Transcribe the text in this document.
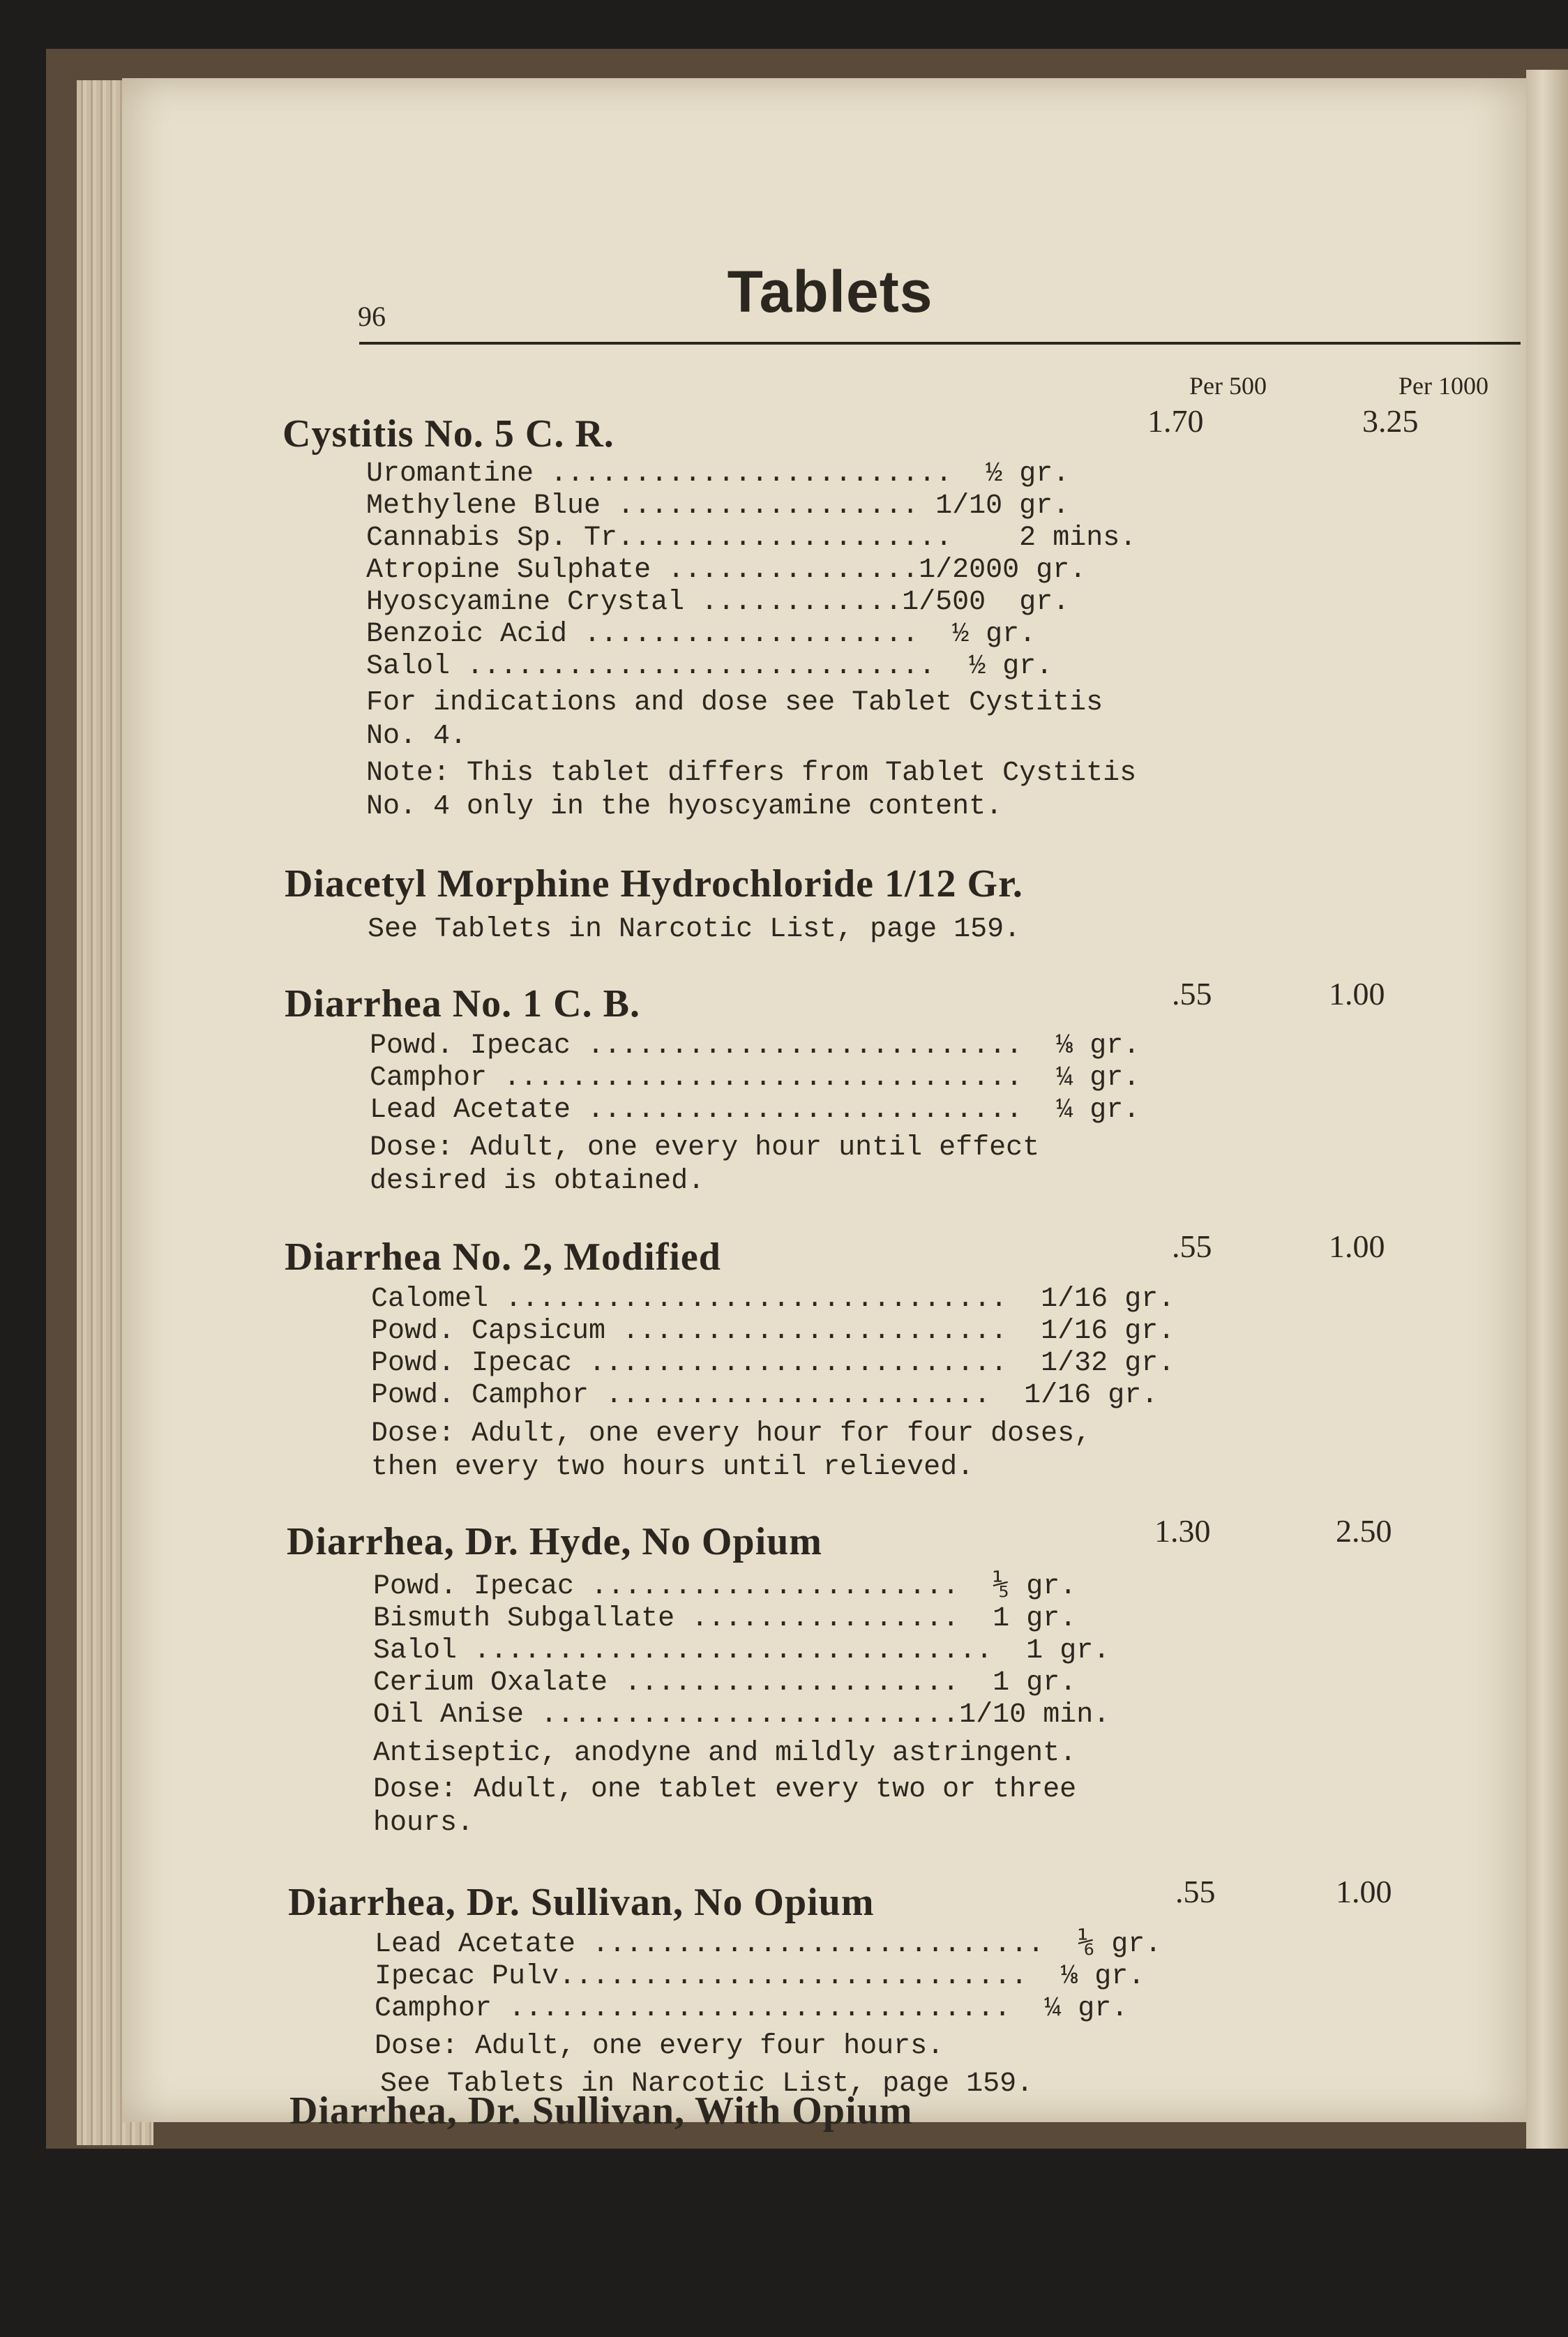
96	Tablets
Per 500	Per 1000
Cystitis No. 5 C. R.	1.70	3.25
Uromantine ........................  ½ gr.
Methylene Blue .................. 1/10 gr.
Cannabis Sp. Tr....................    2 mins.
Atropine Sulphate ...............1/2000 gr.
Hyoscyamine Crystal ............1/500 gr.
Benzoic Acid ....................  ½ gr.
Salol ............................  ½ gr.
For indications and dose see Tablet Cystitis No. 4.
Note: This tablet differs from Tablet Cystitis No. 4 only in the hyoscyamine content.
Diacetyl Morphine Hydrochloride 1/12 Gr.
See Tablets in Narcotic List, page 159.
Diarrhea No. 1 C. B.	.55	1.00
Powd. Ipecac ..........................  ⅛ gr.
Camphor ...............................  ¼ gr.
Lead Acetate ..........................  ¼ gr.
Dose: Adult, one every hour until effect desired is obtained.
Diarrhea No. 2, Modified	.55	1.00
Calomel ..............................  1/16 gr.
Powd. Capsicum .......................  1/16 gr.
Powd. Ipecac .........................  1/32 gr.
Powd. Camphor .......................  1/16 gr.
Dose: Adult, one every hour for four doses, then every two hours until relieved.
Diarrhea, Dr. Hyde, No Opium	1.30	2.50
Powd. Ipecac ......................  ⅕ gr.
Bismuth Subgallate ................  1 gr.
Salol ...............................  1 gr.
Cerium Oxalate ....................  1 gr.
Oil Anise .........................1/10 min.
Antiseptic, anodyne and mildly astringent.
Dose: Adult, one tablet every two or three hours.
Diarrhea, Dr. Sullivan, No Opium	.55	1.00
Lead Acetate ...........................  ⅙ gr.
Ipecac Pulv............................  ⅛ gr.
Camphor ..............................  ¼ gr.
Dose: Adult, one every four hours.
Diarrhea, Dr. Sullivan, With Opium
See Tablets in Narcotic List, page 159.
